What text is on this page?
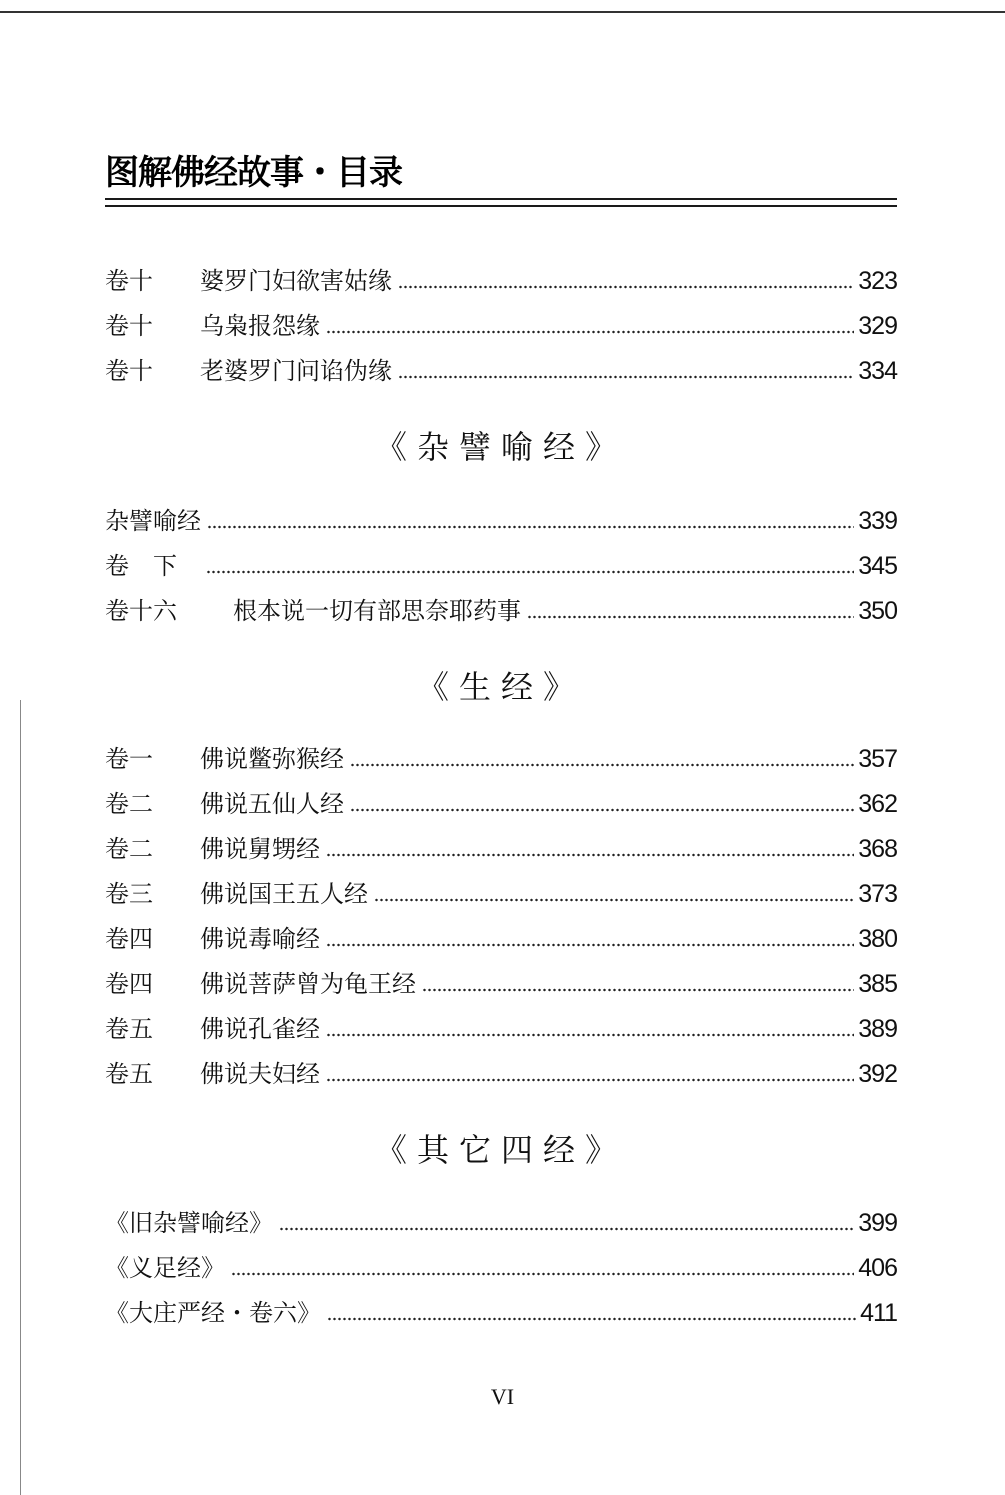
图解佛经故事・目录
卷十	婆罗门妇欲害姑缘	323
卷十	乌枭报怨缘	329
卷十	老婆罗门问谄伪缘	334
《杂譬喻经》
杂譬喻经	339
卷　下	345
卷十六	根本说一切有部思奈耶药事	350
《生经》
卷一	佛说鳖弥猴经	357
卷二	佛说五仙人经	362
卷二	佛说舅甥经	368
卷三	佛说国王五人经	373
卷四	佛说毒喻经	380
卷四	佛说菩萨曾为龟王经	385
卷五	佛说孔雀经	389
卷五	佛说夫妇经	392
《其它四经》
《旧杂譬喻经》	399
《义足经》	406
《大庄严经・卷六》	411
VI
